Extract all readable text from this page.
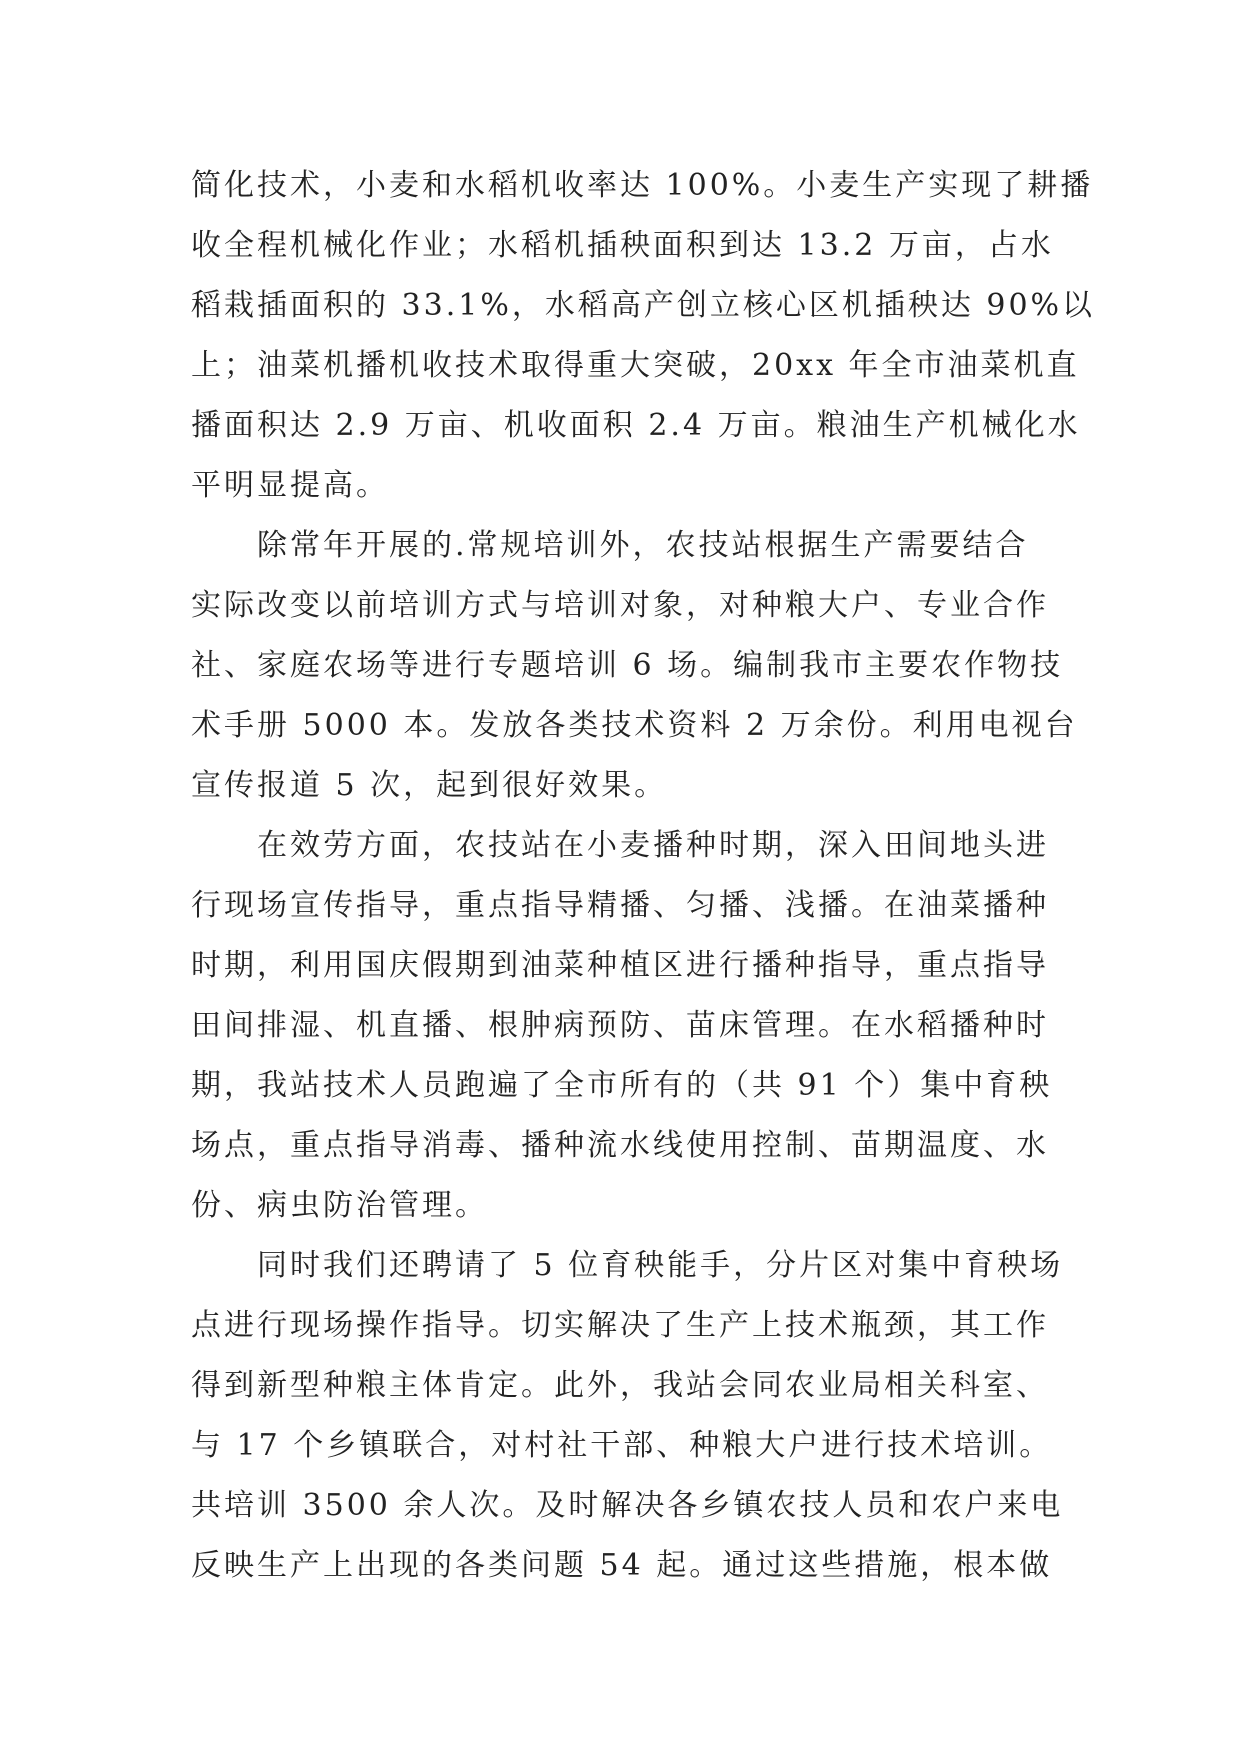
简化技术，小麦和水稻机收率达 100%。小麦生产实现了耕播
收全程机械化作业；水稻机插秧面积到达 13.2 万亩，占水
稻栽插面积的 33.1%，水稻高产创立核心区机插秧达 90%以
上；油菜机播机收技术取得重大突破，20xx 年全市油菜机直
播面积达 2.9 万亩、机收面积 2.4 万亩。粮油生产机械化水
平明显提高。

除常年开展的.常规培训外，农技站根据生产需要结合
实际改变以前培训方式与培训对象，对种粮大户、专业合作
社、家庭农场等进行专题培训 6 场。编制我市主要农作物技
术手册 5000 本。发放各类技术资料 2 万余份。利用电视台
宣传报道 5 次，起到很好效果。

在效劳方面，农技站在小麦播种时期，深入田间地头进
行现场宣传指导，重点指导精播、匀播、浅播。在油菜播种
时期，利用国庆假期到油菜种植区进行播种指导，重点指导
田间排湿、机直播、根肿病预防、苗床管理。在水稻播种时
期，我站技术人员跑遍了全市所有的（共 91 个）集中育秧
场点，重点指导消毒、播种流水线使用控制、苗期温度、水
份、病虫防治管理。

同时我们还聘请了 5 位育秧能手，分片区对集中育秧场
点进行现场操作指导。切实解决了生产上技术瓶颈，其工作
得到新型种粮主体肯定。此外，我站会同农业局相关科室、
与 17 个乡镇联合，对村社干部、种粮大户进行技术培训。
共培训 3500 余人次。及时解决各乡镇农技人员和农户来电
反映生产上出现的各类问题 54 起。通过这些措施，根本做
